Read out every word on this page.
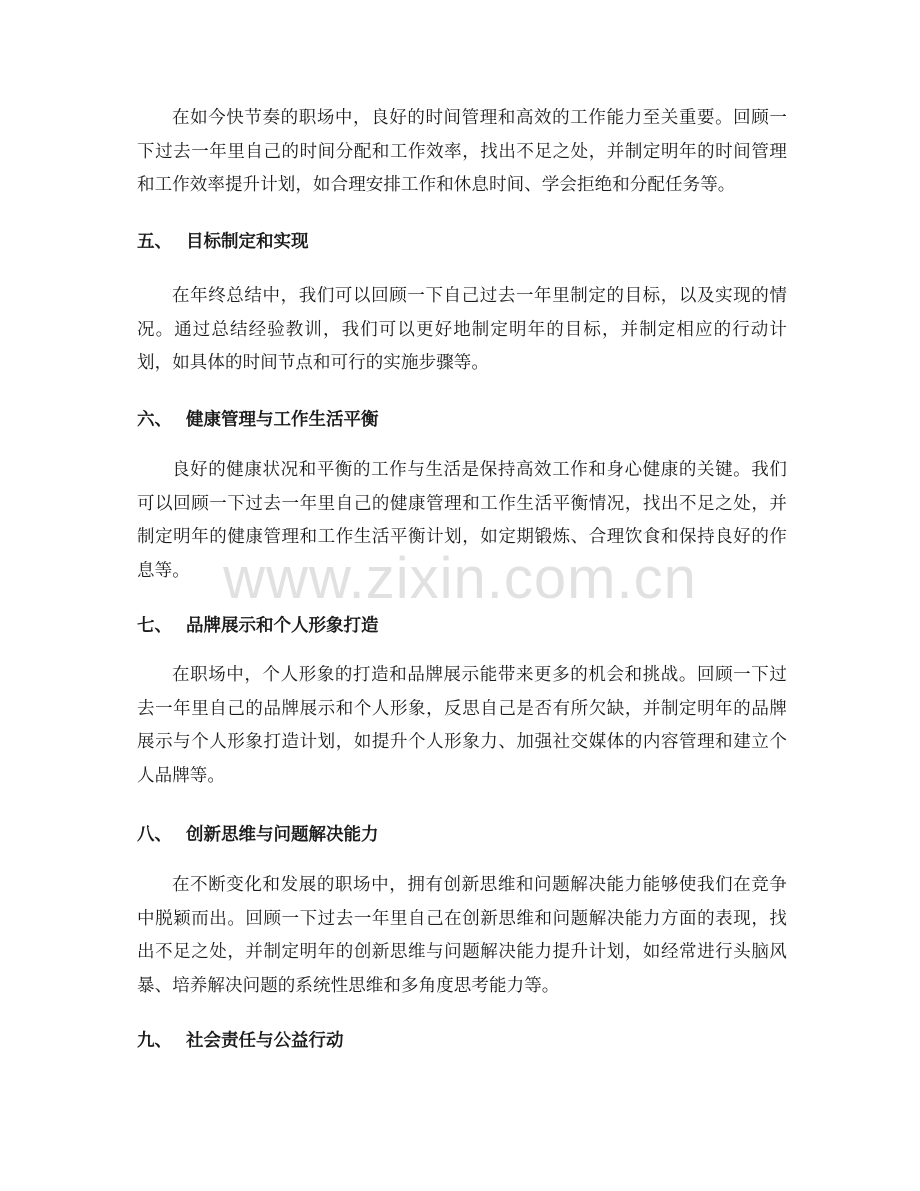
在如今快节奏的职场中，良好的时间管理和高效的工作能力至关重要。回顾一下过去一年里自己的时间分配和工作效率，找出不足之处，并制定明年的时间管理和工作效率提升计划，如合理安排工作和休息时间、学会拒绝和分配任务等。

五、 目标制定和实现

在年终总结中，我们可以回顾一下自己过去一年里制定的目标，以及实现的情况。通过总结经验教训，我们可以更好地制定明年的目标，并制定相应的行动计划，如具体的时间节点和可行的实施步骤等。

六、 健康管理与工作生活平衡

良好的健康状况和平衡的工作与生活是保持高效工作和身心健康的关键。我们可以回顾一下过去一年里自己的健康管理和工作生活平衡情况，找出不足之处，并制定明年的健康管理和工作生活平衡计划，如定期锻炼、合理饮食和保持良好的作息等。

七、 品牌展示和个人形象打造

在职场中，个人形象的打造和品牌展示能带来更多的机会和挑战。回顾一下过去一年里自己的品牌展示和个人形象，反思自己是否有所欠缺，并制定明年的品牌展示与个人形象打造计划，如提升个人形象力、加强社交媒体的内容管理和建立个人品牌等。

八、 创新思维与问题解决能力

在不断变化和发展的职场中，拥有创新思维和问题解决能力能够使我们在竞争中脱颖而出。回顾一下过去一年里自己在创新思维和问题解决能力方面的表现，找出不足之处，并制定明年的创新思维与问题解决能力提升计划，如经常进行头脑风暴、培养解决问题的系统性思维和多角度思考能力等。

九、 社会责任与公益行动
www.zixin.com.cn
